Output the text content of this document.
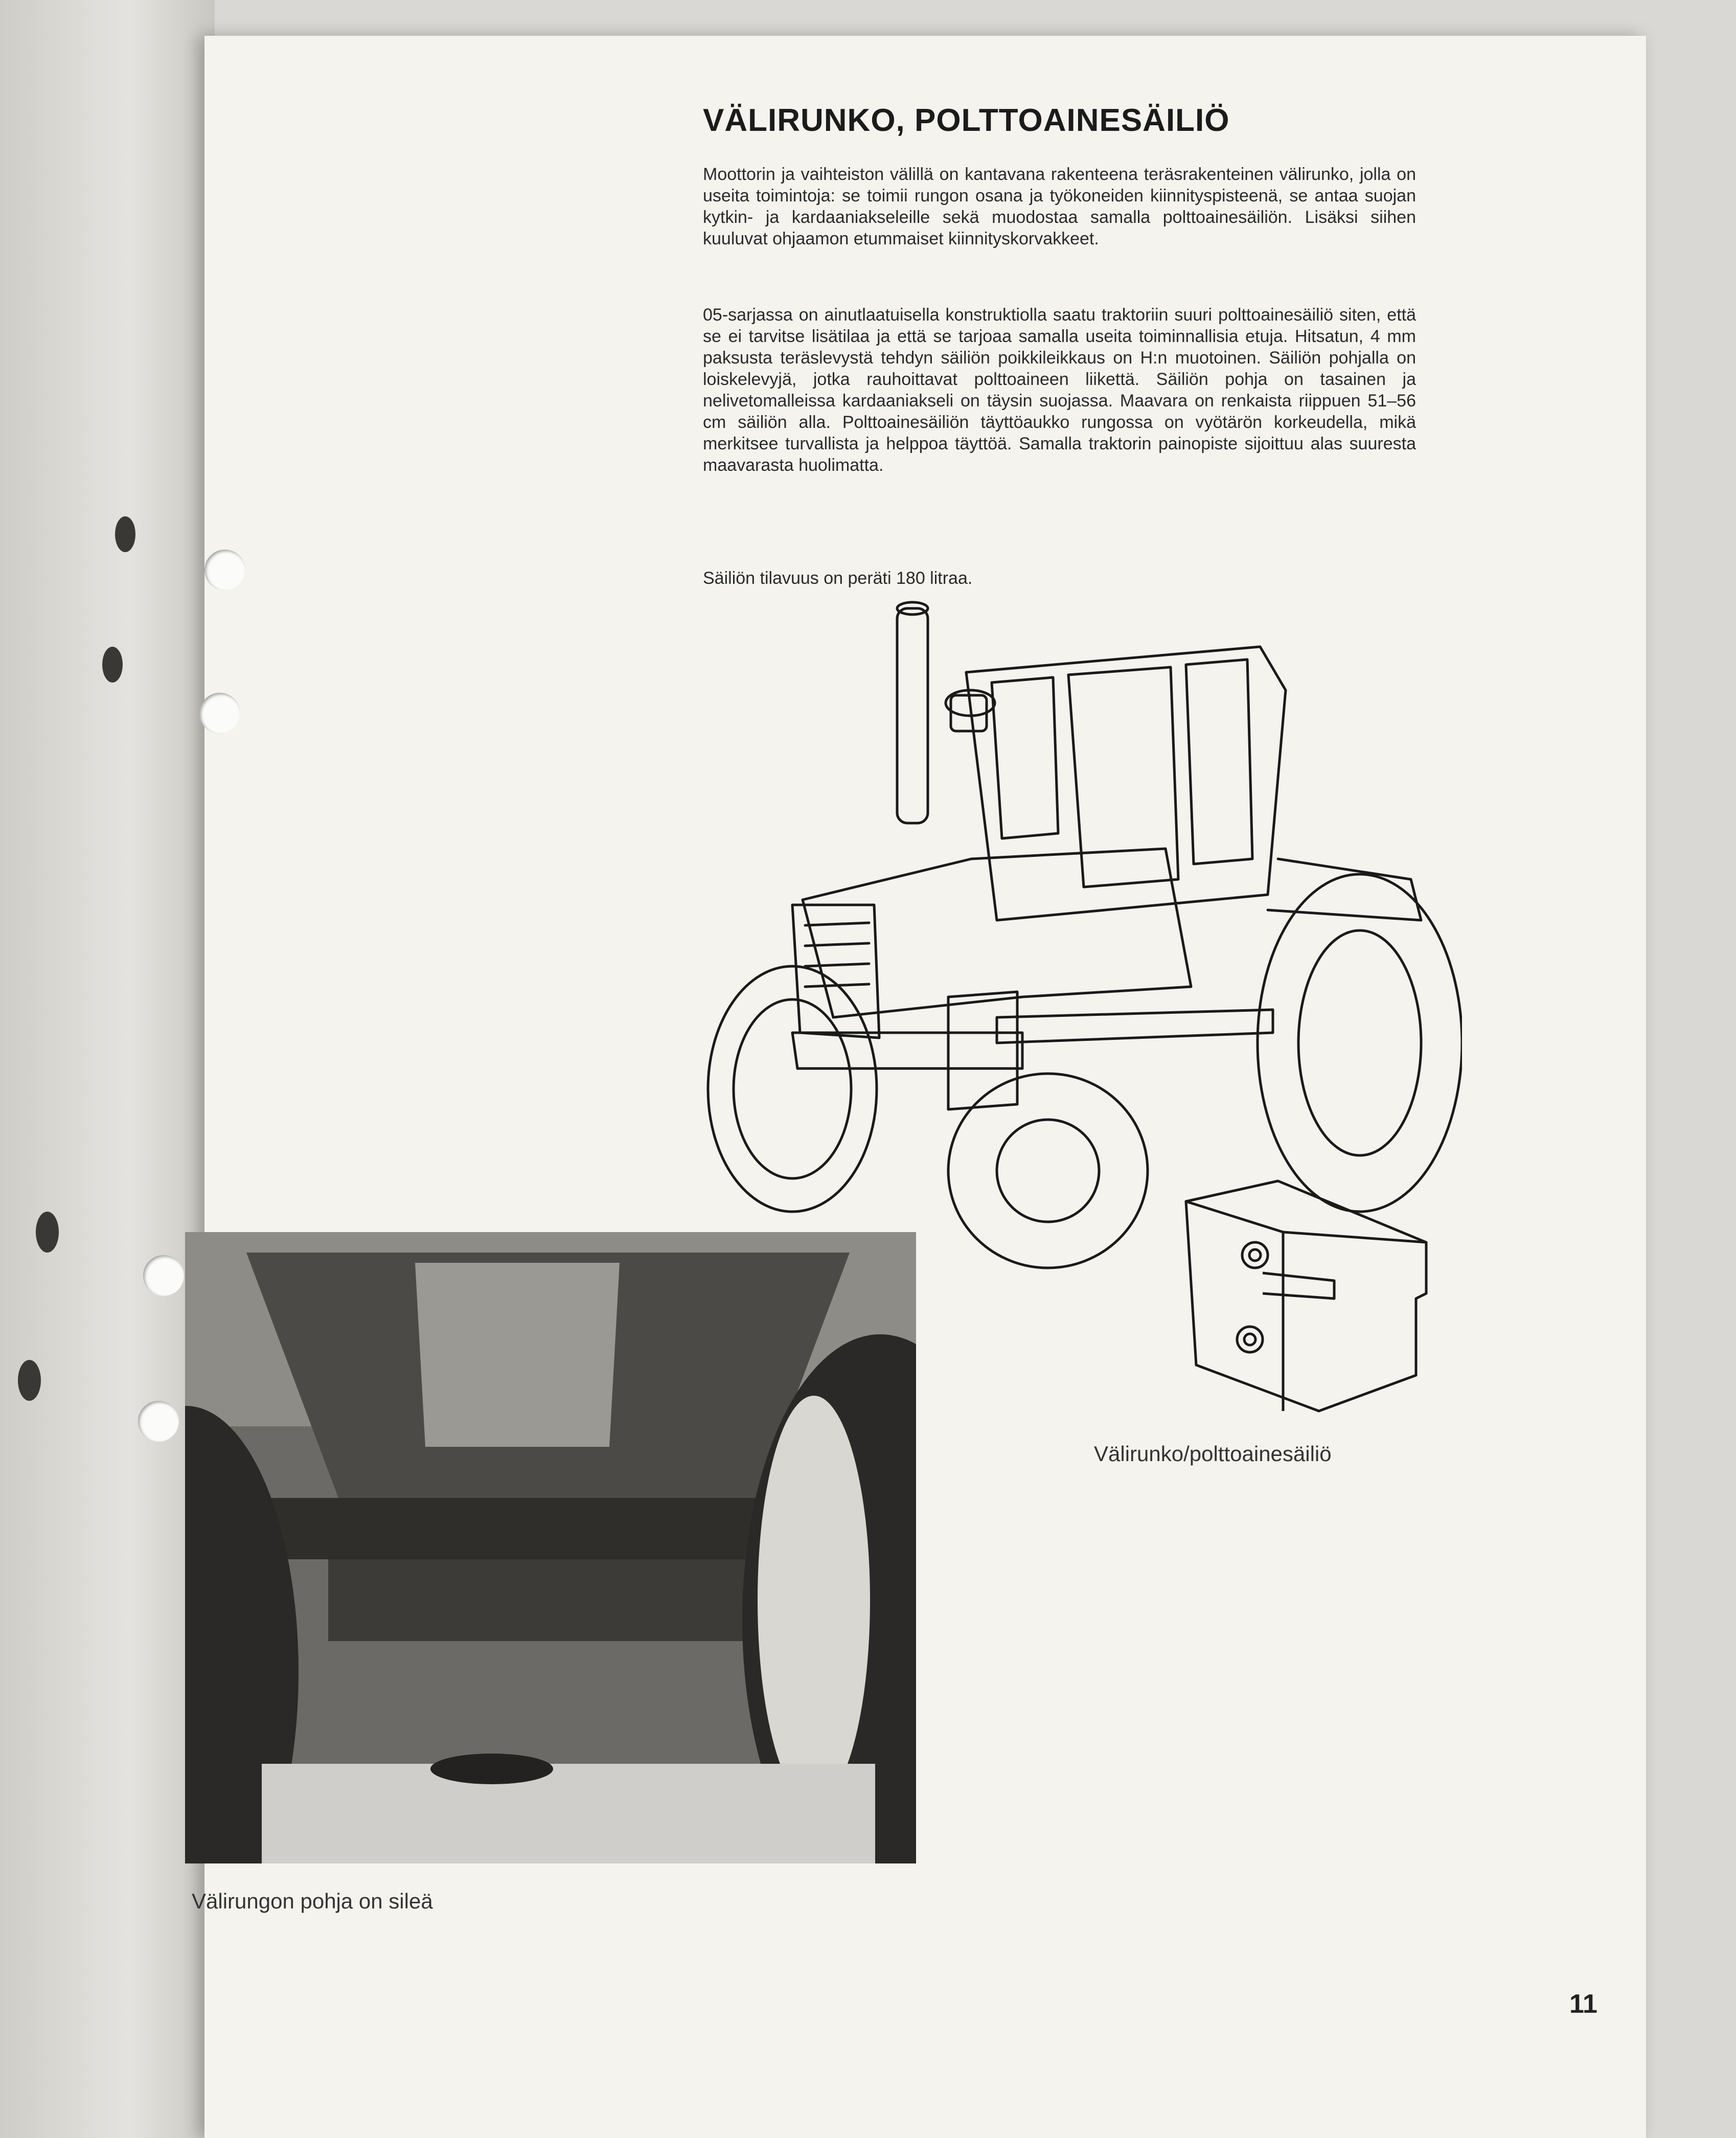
VÄLIRUNKO, POLTTOAINESÄILIÖ

Moottorin ja vaihteiston välillä on kantavana rakenteena teräsrakenteinen välirunko, jolla on useita toimintoja: se toimii rungon osana ja työkoneiden kiinnityspisteenä, se antaa suojan kytkin- ja kardaaniakseleille sekä muodostaa samalla polttoainesäiliön. Lisäksi siihen kuuluvat ohjaamon etummaiset kiinnityskorvakkeet.

05-sarjassa on ainutlaatuisella konstruktiolla saatu traktoriin suuri polttoainesäiliö siten, että se ei tarvitse lisätilaa ja että se tarjoaa samalla useita toiminnallisia etuja. Hitsatun, 4 mm paksusta teräslevystä tehdyn säiliön poikkileikkaus on H:n muotoinen. Säiliön pohjalla on loiskelevyjä, jotka rauhoittavat polttoaineen liikettä. Säiliön pohja on tasainen ja nelivetomalleissa kardaaniakseli on täysin suojassa. Maavara on renkaista riippuen 51–56 cm säiliön alla. Polttoainesäiliön täyttöaukko rungossa on vyötärön korkeudella, mikä merkitsee turvallista ja helppoa täyttöä. Samalla traktorin painopiste sijoittuu alas suuresta maavarasta huolimatta.

Säiliön tilavuus on peräti 180 litraa.

Välirunko/polttoainesäiliö
Välirungon pohja on sileä
11
